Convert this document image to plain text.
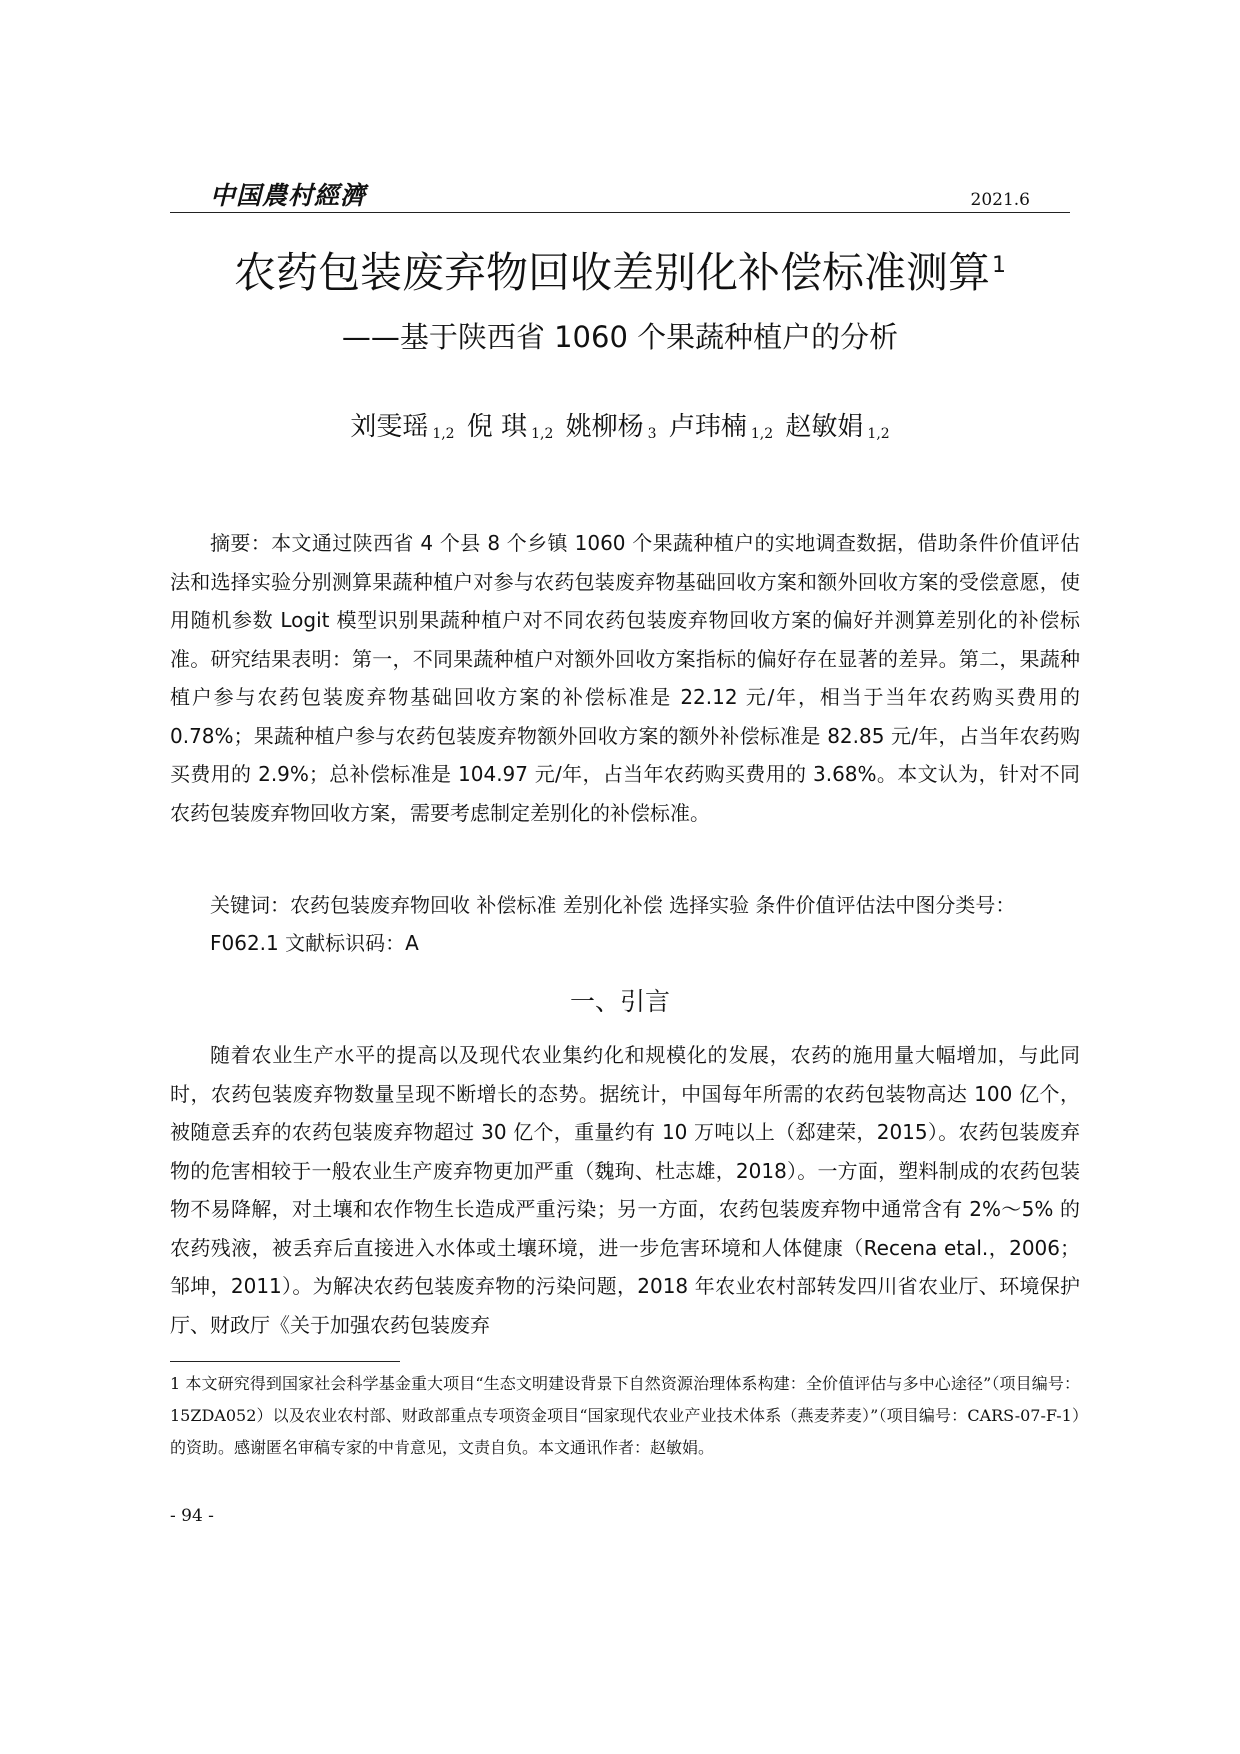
中国農村經濟	2021.6
农药包装废弃物回收差别化补偿标准测算$^1$
——基于陕西省 1060 个果蔬种植户的分析
刘雯瑶 $_{1,2}$ 倪 琪 $_{1,2}$ 姚柳杨 $_3$ 卢玮楠 $_{1,2}$ 赵敏娟 $_{1,2}$

摘要：本文通过陕西省 4 个县 8 个乡镇 1060 个果蔬种植户的实地调查数据，借助条件价值评估法和选择实验分别测算果蔬种植户对参与农药包装废弃物基础回收方案和额外回收方案的受偿意愿，使用随机参数 Logit 模型识别果蔬种植户对不同农药包装废弃物回收方案的偏好并测算差别化的补偿标准。研究结果表明：第一，不同果蔬种植户对额外回收方案指标的偏好存在显著的差异。第二，果蔬种植户参与农药包装废弃物基础回收方案的补偿标准是 22.12 元/年，相当于当年农药购买费用的 0.78%；果蔬种植户参与农药包装废弃物额外回收方案的额外补偿标准是 82.85 元/年，占当年农药购买费用的 2.9%；总补偿标准是 104.97 元/年，占当年农药购买费用的 3.68%。本文认为，针对不同农药包装废弃物回收方案，需要考虑制定差别化的补偿标准。

关键词：农药包装废弃物回收 补偿标准 差别化补偿 选择实验 条件价值评估法中图分类号：

F062.1 文献标识码：A

一、引言

随着农业生产水平的提高以及现代农业集约化和规模化的发展，农药的施用量大幅增加，与此同时，农药包装废弃物数量呈现不断增长的态势。据统计，中国每年所需的农药包装物高达 100 亿个，被随意丢弃的农药包装废弃物超过 30 亿个，重量约有 10 万吨以上（郄建荣，2015）。农药包装废弃物的危害相较于一般农业生产废弃物更加严重（魏珣、杜志雄，2018）。一方面，塑料制成的农药包装物不易降解，对土壤和农作物生长造成严重污染；另一方面，农药包装废弃物中通常含有 2%～5% 的农药残液，被丢弃后直接进入水体或土壤环境，进一步危害环境和人体健康（Recena etal.，2006；邹坤，2011）。为解决农药包装废弃物的污染问题，2018 年农业农村部转发四川省农业厅、环境保护厅、财政厅《关于加强农药包装废弃

1 本文研究得到国家社会科学基金重大项目“生态文明建设背景下自然资源治理体系构建：全价值评估与多中心途径”（项目编号：15ZDA052）以及农业农村部、财政部重点专项资金项目“国家现代农业产业技术体系（燕麦荞麦）”（项目编号：CARS-07-F-1）的资助。感谢匿名审稿专家的中肯意见，文责自负。本文通讯作者：赵敏娟。

- 94 -
